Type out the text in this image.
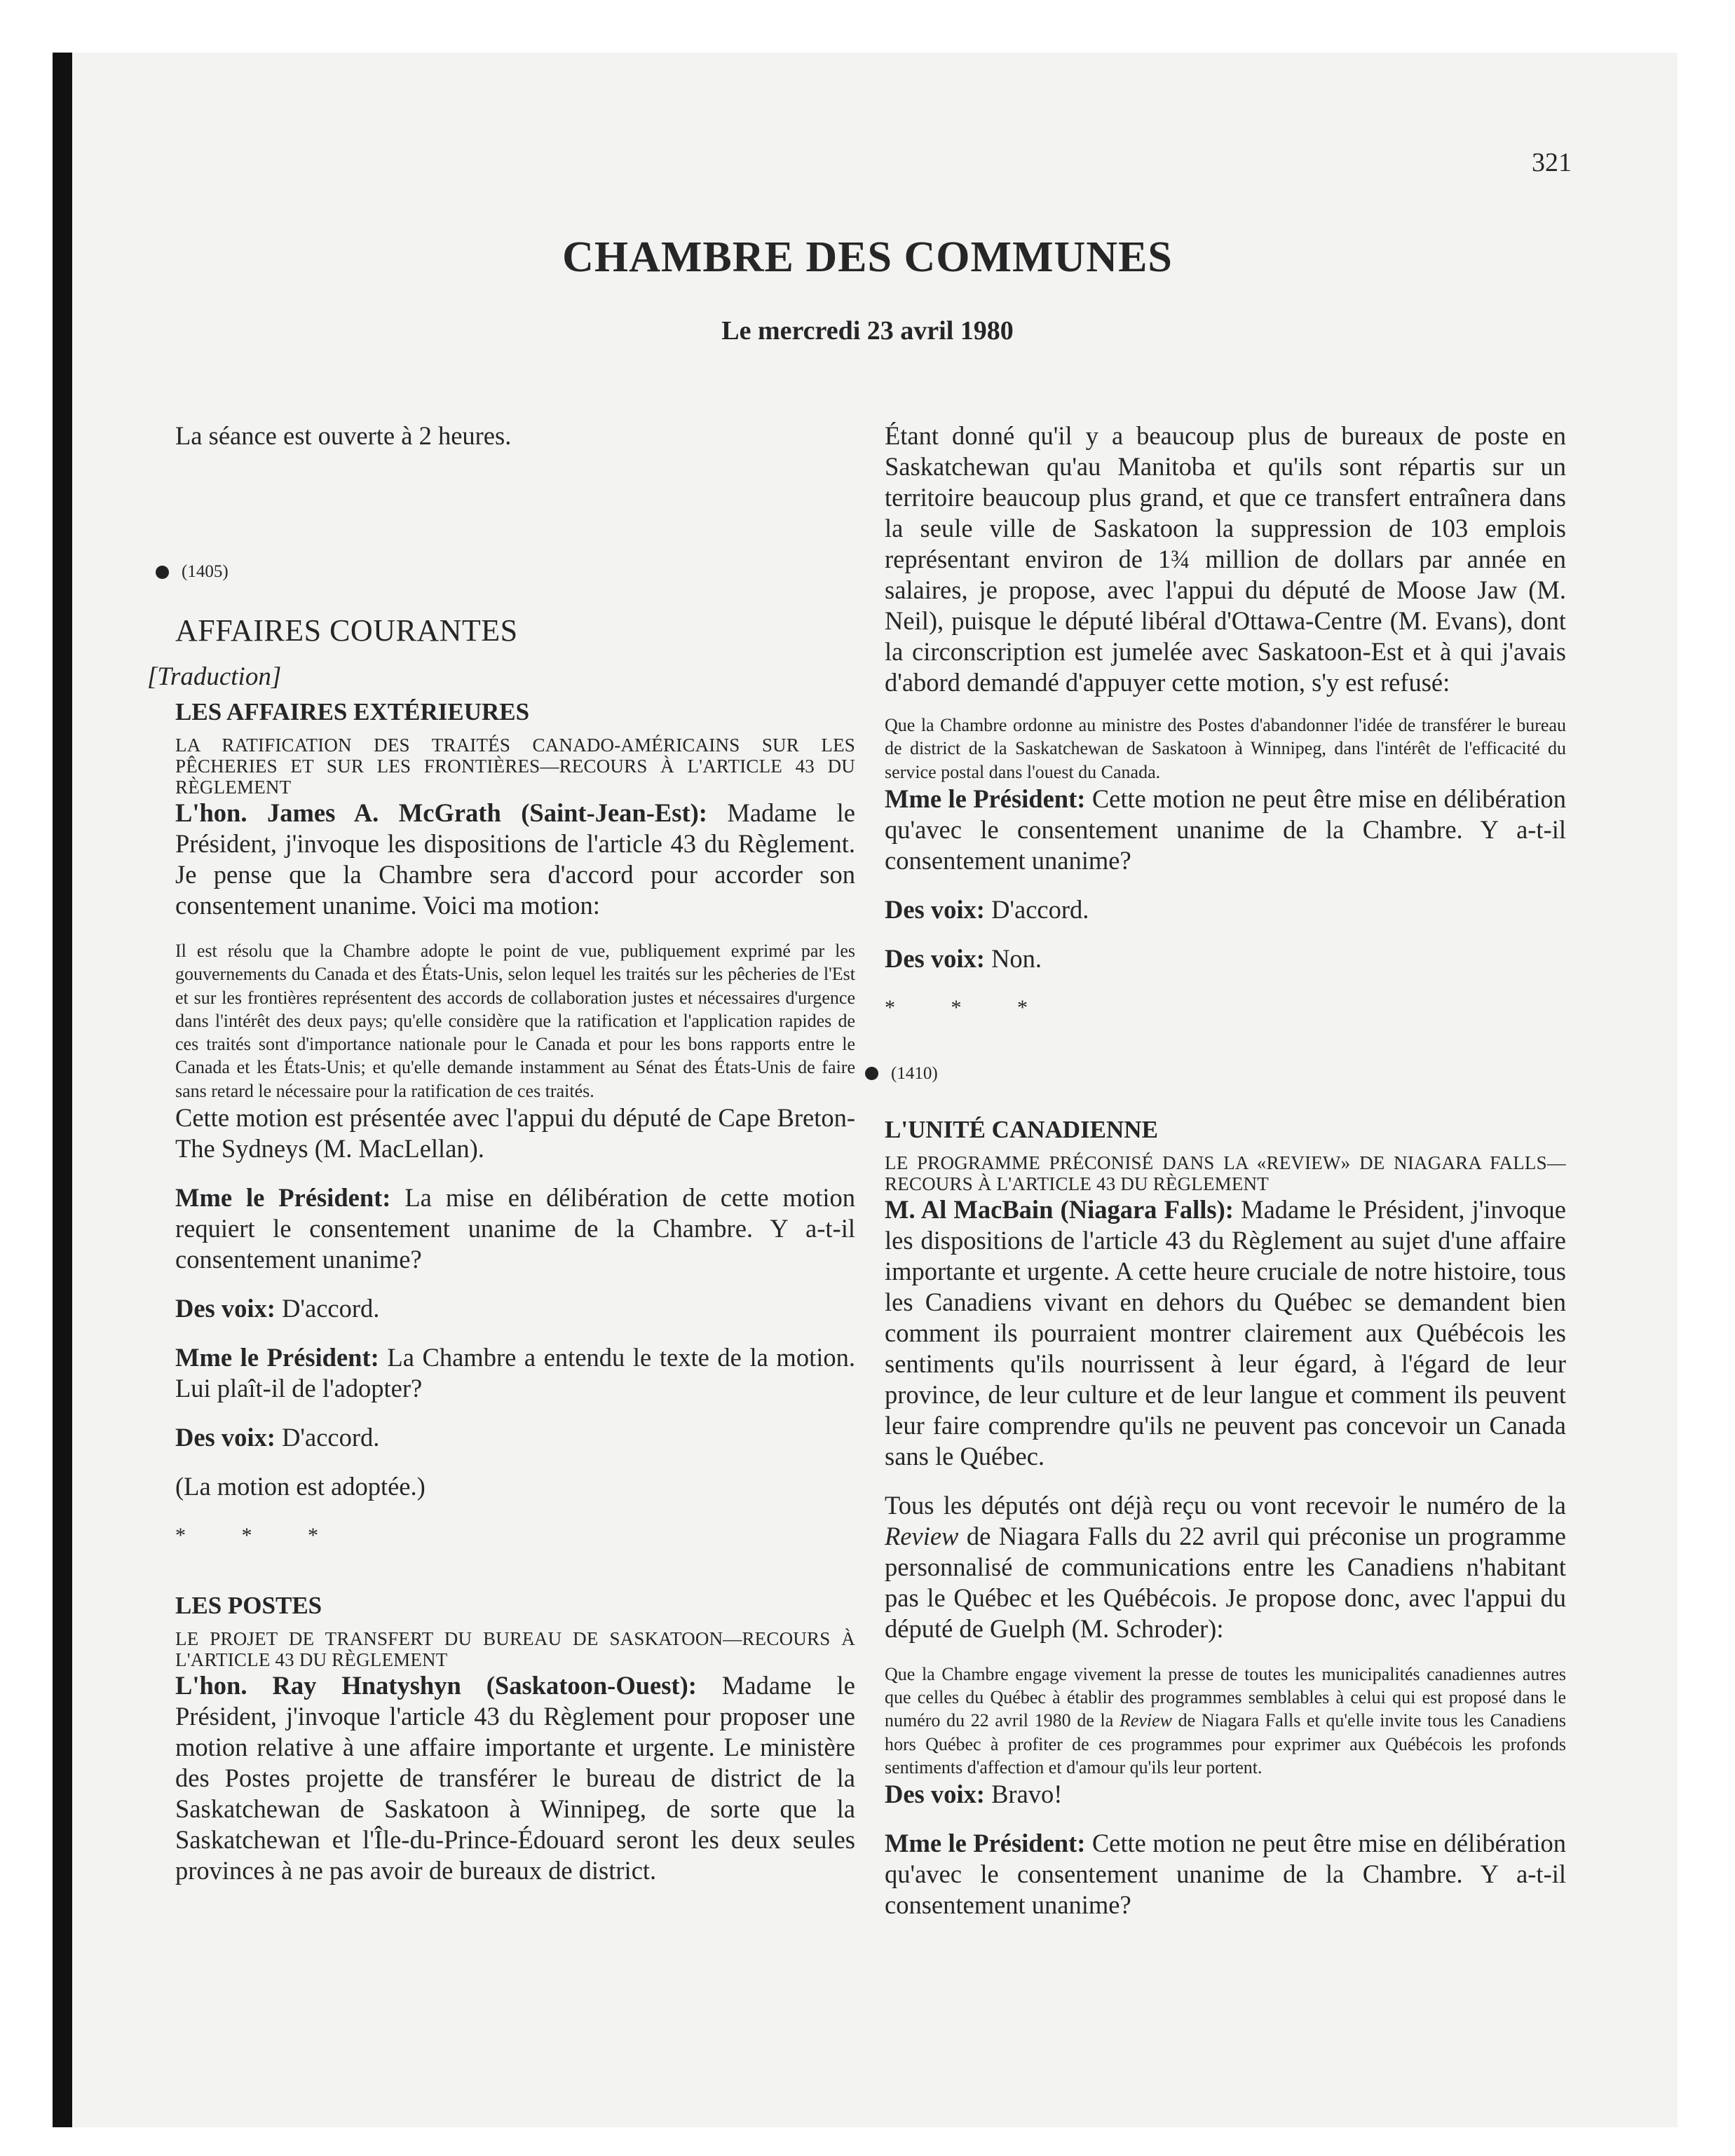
321
CHAMBRE DES COMMUNES
Le mercredi 23 avril 1980

La séance est ouverte à 2 heures.

(1405)

AFFAIRES COURANTES

[Traduction]

LES AFFAIRES EXTÉRIEURES

LA RATIFICATION DES TRAITÉS CANADO-AMÉRICAINS SUR LES PÊCHERIES ET SUR LES FRONTIÈRES—RECOURS À L'ARTICLE 43 DU RÈGLEMENT

L'hon. James A. McGrath (Saint-Jean-Est): Madame le Président, j'invoque les dispositions de l'article 43 du Règlement. Je pense que la Chambre sera d'accord pour accorder son consentement unanime. Voici ma motion:

Il est résolu que la Chambre adopte le point de vue, publiquement exprimé par les gouvernements du Canada et des États-Unis, selon lequel les traités sur les pêcheries de l'Est et sur les frontières représentent des accords de collaboration justes et nécessaires d'urgence dans l'intérêt des deux pays; qu'elle considère que la ratification et l'application rapides de ces traités sont d'importance nationale pour le Canada et pour les bons rapports entre le Canada et les États-Unis; et qu'elle demande instamment au Sénat des États-Unis de faire sans retard le nécessaire pour la ratification de ces traités.

Cette motion est présentée avec l'appui du député de Cape Breton-The Sydneys (M. MacLellan).

Mme le Président: La mise en délibération de cette motion requiert le consentement unanime de la Chambre. Y a-t-il consentement unanime?

Des voix: D'accord.

Mme le Président: La Chambre a entendu le texte de la motion. Lui plaît-il de l'adopter?

Des voix: D'accord.

(La motion est adoptée.)

* * *

LES POSTES

LE PROJET DE TRANSFERT DU BUREAU DE SASKATOON—RECOURS À L'ARTICLE 43 DU RÈGLEMENT

L'hon. Ray Hnatyshyn (Saskatoon-Ouest): Madame le Président, j'invoque l'article 43 du Règlement pour proposer une motion relative à une affaire importante et urgente. Le ministère des Postes projette de transférer le bureau de district de la Saskatchewan de Saskatoon à Winnipeg, de sorte que la Saskatchewan et l'Île-du-Prince-Édouard seront les deux seules provinces à ne pas avoir de bureaux de district.

Étant donné qu'il y a beaucoup plus de bureaux de poste en Saskatchewan qu'au Manitoba et qu'ils sont répartis sur un territoire beaucoup plus grand, et que ce transfert entraînera dans la seule ville de Saskatoon la suppression de 103 emplois représentant environ de 1¾ million de dollars par année en salaires, je propose, avec l'appui du député de Moose Jaw (M. Neil), puisque le député libéral d'Ottawa-Centre (M. Evans), dont la circonscription est jumelée avec Saskatoon-Est et à qui j'avais d'abord demandé d'appuyer cette motion, s'y est refusé:

Que la Chambre ordonne au ministre des Postes d'abandonner l'idée de transférer le bureau de district de la Saskatchewan de Saskatoon à Winnipeg, dans l'intérêt de l'efficacité du service postal dans l'ouest du Canada.

Mme le Président: Cette motion ne peut être mise en délibération qu'avec le consentement unanime de la Chambre. Y a-t-il consentement unanime?

Des voix: D'accord.

Des voix: Non.

* * *

(1410)

L'UNITÉ CANADIENNE

LE PROGRAMME PRÉCONISÉ DANS LA «REVIEW» DE NIAGARA FALLS—RECOURS À L'ARTICLE 43 DU RÈGLEMENT

M. Al MacBain (Niagara Falls): Madame le Président, j'invoque les dispositions de l'article 43 du Règlement au sujet d'une affaire importante et urgente. A cette heure cruciale de notre histoire, tous les Canadiens vivant en dehors du Québec se demandent bien comment ils pourraient montrer clairement aux Québécois les sentiments qu'ils nourrissent à leur égard, à l'égard de leur province, de leur culture et de leur langue et comment ils peuvent leur faire comprendre qu'ils ne peuvent pas concevoir un Canada sans le Québec.

Tous les députés ont déjà reçu ou vont recevoir le numéro de la Review de Niagara Falls du 22 avril qui préconise un programme personnalisé de communications entre les Canadiens n'habitant pas le Québec et les Québécois. Je propose donc, avec l'appui du député de Guelph (M. Schroder):

Que la Chambre engage vivement la presse de toutes les municipalités canadiennes autres que celles du Québec à établir des programmes semblables à celui qui est proposé dans le numéro du 22 avril 1980 de la Review de Niagara Falls et qu'elle invite tous les Canadiens hors Québec à profiter de ces programmes pour exprimer aux Québécois les profonds sentiments d'affection et d'amour qu'ils leur portent.

Des voix: Bravo!

Mme le Président: Cette motion ne peut être mise en délibération qu'avec le consentement unanime de la Chambre. Y a-t-il consentement unanime?
